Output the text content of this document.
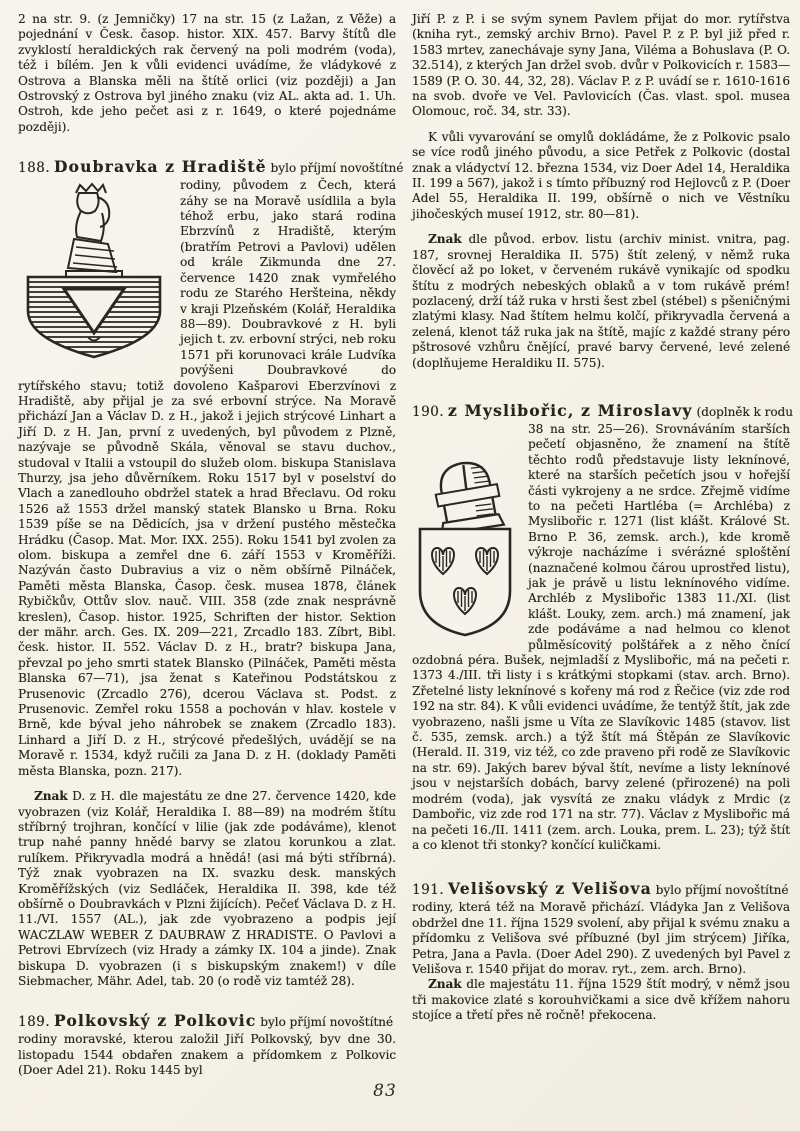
2 na str. 9. (z Jemničky) 17 na str. 15 (z Lažan, z Věže) a pojednání v Česk. časop. histor. XIX. 457. Barvy štítů dle zvyklostí heraldických rak červený na poli modrém (voda), též i bílém. Jen k vůli evidenci uvádíme, že vládykové z Ostrova a Blanska měli na štítě orlici (viz později) a Jan Ostrovský z Ostrova byl jiného znaku (viz AL. akta ad. 1. Uh. Ostroh, kde jeho pečet asi z r. 1649, o které pojednáme později).

188. Doubravka z Hradiště bylo příjmí novoštítné

rodiny, původem z Čech, která záhy se na Moravě usídlila a byla téhož erbu, jako stará rodina Ebrzvínů z Hradiště, kterým (bratřím Petrovi a Pavlovi) udělen od krále Zikmunda dne 27. července 1420 znak vymřelého rodu ze Starého Heršteina, někdy v kraji Plzeňském (Kolář, Heraldika 88—89). Doubravkové z H. byli jejich t. zv. erbovní strýci, neb roku 1571 při korunovaci krále Ludvíka povýšeni Doubravkové do rytířského stavu; totiž dovoleno Kašparovi Eberzvínovi z Hradiště, aby přijal je za své erbovní strýce. Na Moravě přichází Jan a Václav D. z H., jakož i jejich strýcové Linhart a Jiří D. z H. Jan, první z uvedených, byl původem z Plzně, nazývaje se původně Skála, věnoval se stavu duchov., studoval v Italii a vstoupil do služeb olom. biskupa Stanislava Thurzy, jsa jeho důvěrníkem. Roku 1517 byl v poselství do Vlach a zanedlouho obdržel statek a hrad Břeclavu. Od roku 1526 až 1553 držel manský statek Blansko u Brna. Roku 1539 píše se na Dědicích, jsa v držení pustého městečka Hrádku (Časop. Mat. Mor. IXX. 255). Roku 1541 byl zvolen za olom. biskupa a zemřel dne 6. září 1553 v Kroměříži. Nazýván často Dubravius a viz o něm obšírně Pilnáček, Paměti města Blanska, Časop. česk. musea 1878, článek Rybičkův, Ottův slov. nauč. VIII. 358 (zde znak nesprávně kreslen), Časop. histor. 1925, Schriften der histor. Sektion der mähr. arch. Ges. IX. 209—221, Zrcadlo 183. Zíbrt, Bibl. česk. histor. II. 552. Václav D. z H., bratr? biskupa Jana, převzal po jeho smrti statek Blansko (Pilnáček, Paměti města Blanska 67—71), jsa ženat s Kateřinou Podstátskou z Prusenovic (Zrcadlo 276), dcerou Václava st. Podst. z Prusenovic. Zemřel roku 1558 a pochován v hlav. kostele v Brně, kde býval jeho náhrobek se znakem (Zrcadlo 183). Linhard a Jiří D. z H., strýcové předešlých, uvádějí se na Moravě r. 1534, když ručili za Jana D. z H. (doklady Paměti města Blanska, pozn. 217).

Znak D. z H. dle majestátu ze dne 27. července 1420, kde vyobrazen (viz Kolář, Heraldika I. 88—89) na modrém štítu stříbrný trojhran, končící v lilie (jak zde podáváme), klenot trup nahé panny hnědé barvy se zlatou korunkou a zlat. rulíkem. Přikryvadla modrá a hnědá! (asi má býti stříbrná). Týž znak vyobrazen na IX. svazku desk. manských Kroměřížských (viz Sedláček, Heraldika II. 398, kde též obšírně o Doubravkách v Plzni žijících). Pečeť Václava D. z H. 11./VI. 1557 (AL.), jak zde vyobrazeno a podpis její WACZLAW WEBER Z DAUBRAW Z HRADISTE. O Pavlovi a Petrovi Ebrvízech (viz Hrady a zámky IX. 104 a jinde). Znak biskupa D. vyobrazen (i s biskupským znakem!) v díle Siebmacher, Mähr. Adel, tab. 20 (o rodě viz tamtéž 28).

189. Polkovský z Polkovic bylo příjmí novoštítné

rodiny moravské, kterou založil Jiří Polkovský, byv dne 30. listopadu 1544 obdařen znakem a přídomkem z Polkovic (Doer Adel 21). Roku 1445 byl

Jiří P. z P. i se svým synem Pavlem přijat do mor. rytířstva (kniha ryt., zemský archiv Brno). Pavel P. z P. byl již před r. 1583 mrtev, zanechávaje syny Jana, Viléma a Bohuslava (P. O. 32.514), z kterých Jan držel svob. dvůr v Polkovicích r. 1583—1589 (P. O. 30. 44, 32, 28). Václav P. z P. uvádí se r. 1610-1616 na svob. dvoře ve Vel. Pavlovicích (Čas. vlast. spol. musea Olomouc, roč. 34, str. 33).

K vůli vyvarování se omylů dokládáme, že z Polkovic psalo se více rodů jiného původu, a sice Petřek z Polkovic (dostal znak a vládyctví 12. března 1534, viz Doer Adel 14, Heraldika II. 199 a 567), jakož i s tímto příbuzný rod Hejlovců z P. (Doer Adel 55, Heraldika II. 199, obšírně o nich ve Věstníku jihočeských museí 1912, str. 80—81).

Znak dle původ. erbov. listu (archiv minist. vnitra, pag. 187, srovnej Heraldika II. 575) štít zelený, v němž ruka člověcí až po loket, v červeném rukávě vynikajíc od spodku štítu z modrých nebeských oblaků a v tom rukávě prém! pozlacený, drží táž ruka v hrsti šest zbel (stébel) s pšeničnými zlatými klasy. Nad štítem helmu kolčí, přikryvadla červená a zelená, klenot táž ruka jak na štítě, majíc z každé strany péro pštrosové vzhůru čnějící, pravé barvy červené, levé zelené (doplňujeme Heraldiku II. 575).

190. z Myslibořic, z Miroslavy (doplněk k rodu

38 na str. 25—26). Srovnáváním starších pečetí objasněno, že znamení na štítě těchto rodů představuje listy leknínové, které na starších pečetích jsou v hořejší části vykrojeny a ne srdce. Zřejmě vidíme to na pečeti Hartléba (= Archléba) z Myslibořic r. 1271 (list klášt. Králové St. Brno P. 36, zemsk. arch.), kde kromě výkroje nacházíme i svérázné sploštění (naznačené kolmou čárou uprostřed listu), jak je právě u listu leknínového vidíme. Archléb z Myslibořic 1383 11./XI. (list klášt. Louky, zem. arch.) má znamení, jak zde podáváme a nad helmou co klenot půlměsícovitý polštářek a z něho čnící ozdobná péra. Bušek, nejmladší z Myslibořic, má na pečeti r. 1373 4./III. tři listy i s krátkými stopkami (stav. arch. Brno). Zřetelné listy leknínové s kořeny má rod z Řečice (viz zde rod 192 na str. 84). K vůli evidenci uvádíme, že tentýž štít, jak zde vyobrazeno, našli jsme u Víta ze Slavíkovic 1485 (stavov. list č. 535, zemsk. arch.) a týž štít má Štěpán ze Slavíkovic (Herald. II. 319, viz též, co zde praveno při rodě ze Slavíkovic na str. 69). Jakých barev býval štít, nevíme a listy leknínové jsou v nejstarších dobách, barvy zelené (přirozené) na poli modrém (voda), jak vysvítá ze znaku vládyk z Mrdic (z Dambořic, viz zde rod 171 na str. 77). Václav z Myslibořic má na pečeti 16./II. 1411 (zem. arch. Louka, prem. L. 23); týž štít a co klenot tři stonky? končící kuličkami.

191. Velišovský z Velišova bylo příjmí novoštítné

rodiny, která též na Moravě přichází. Vládyka Jan z Velišova obdržel dne 11. října 1529 svolení, aby přijal k svému znaku a přídomku z Velišova své příbuzné (byl jim strýcem) Jiříka, Petra, Jana a Pavla. (Doer Adel 290). Z uvedených byl Pavel z Velišova r. 1540 přijat do morav. ryt., zem. arch. Brno).

Znak dle majestátu 11. října 1529 štít modrý, v němž jsou tři makovice zlaté s korouhvičkami a sice dvě křížem nahoru stojíce a třetí přes ně ročně! překocena.

83
